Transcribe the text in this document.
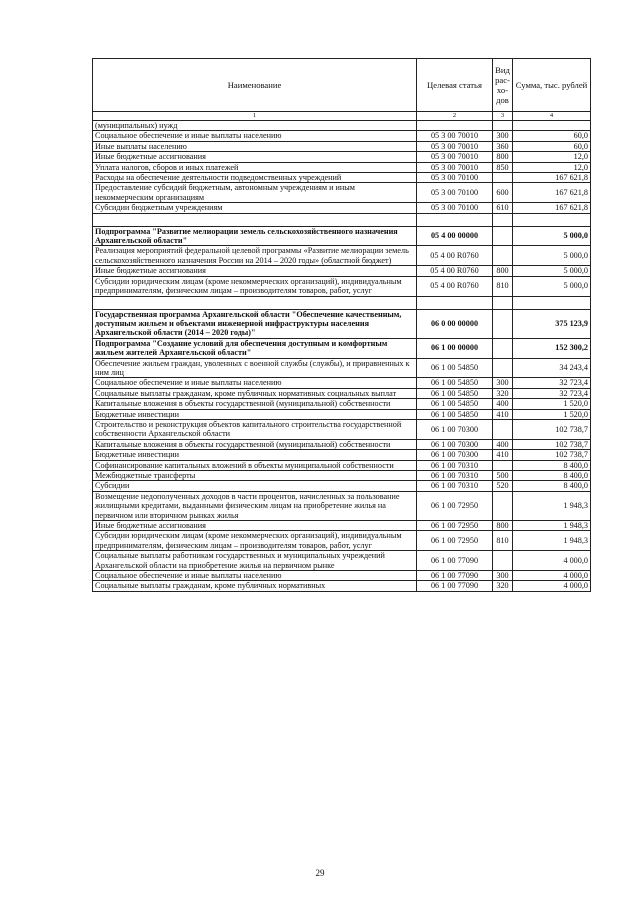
Наименование	Целевая статья	Вид рас- хо- дов	Сумма, тыс. рублей
1	2	3	4
(муниципальных) нужд			
Социальное обеспечение и иные выплаты населению	05 3 00 70010	300	60,0
Иные выплаты населению	05 3 00 70010	360	60,0
Иные бюджетные ассигнования	05 3 00 70010	800	12,0
Уплата налогов, сборов и иных платежей	05 3 00 70010	850	12,0
Расходы на обеспечение деятельности подведомственных учреждений	05 3 00 70100		167 621,8
Предоставление субсидий бюджетным, автономным учреждениям и иным некоммерческим организациям	05 3 00 70100	600	167 621,8
Субсидии бюджетным учреждениям	05 3 00 70100	610	167 621,8

Подпрограмма "Развитие мелиорации земель сельскохозяйственного назначения Архангельской области"	05 4 00 00000		5 000,0
Реализация мероприятий федеральной целевой программы «Развитие мелиорации земель сельскохозяйственного назначения России на 2014 – 2020 годы» (областной бюджет)	05 4 00 R0760		5 000,0
Иные бюджетные ассигнования	05 4 00 R0760	800	5 000,0
Субсидии юридическим лицам (кроме некоммерческих организаций), индивидуальным предпринимателям, физическим лицам – производителям товаров, работ, услуг	05 4 00 R0760	810	5 000,0

Государственная программа Архангельской области "Обеспечение качественным, доступным жильем и объектами инженерной инфраструктуры населения Архангельской области (2014 – 2020 годы)"	06 0 00 00000		375 123,9
Подпрограмма "Создание условий для обеспечения доступным и комфортным жильем жителей Архангельской области"	06 1 00 00000		152 300,2
Обеспечение жильем граждан, уволенных с военной службы (службы), и приравненных к ним лиц	06 1 00 54850		34 243,4
Социальное обеспечение и иные выплаты населению	06 1 00 54850	300	32 723,4
Социальные выплаты гражданам, кроме публичных нормативных социальных выплат	06 1 00 54850	320	32 723,4
Капитальные вложения в объекты государственной (муниципальной) собственности	06 1 00 54850	400	1 520,0
Бюджетные инвестиции	06 1 00 54850	410	1 520,0
Строительство и реконструкция объектов капитального строительства государственной собственности Архангельской области	06 1 00 70300		102 738,7
Капитальные вложения в объекты государственной (муниципальной) собственности	06 1 00 70300	400	102 738,7
Бюджетные инвестиции	06 1 00 70300	410	102 738,7
Софинансирование капитальных вложений в объекты муниципальной собственности	06 1 00 70310		8 400,0
Межбюджетные трансферты	06 1 00 70310	500	8 400,0
Субсидии	06 1 00 70310	520	8 400,0
Возмещение недополученных доходов в части процентов, начисленных за пользование жилищными кредитами, выданными физическим лицам на приобретение жилья на первичном или вторичном рынках жилья	06 1 00 72950		1 948,3
Иные бюджетные ассигнования	06 1 00 72950	800	1 948,3
Субсидии юридическим лицам (кроме некоммерческих организаций), индивидуальным предпринимателям, физическим лицам – производителям товаров, работ, услуг	06 1 00 72950	810	1 948,3
Социальные выплаты работникам государственных и муниципальных учреждений Архангельской области на приобретение жилья на первичном рынке	06 1 00 77090		4 000,0
Социальное обеспечение и иные выплаты населению	06 1 00 77090	300	4 000,0
Социальные выплаты гражданам, кроме публичных нормативных	06 1 00 77090	320	4 000,0
29
